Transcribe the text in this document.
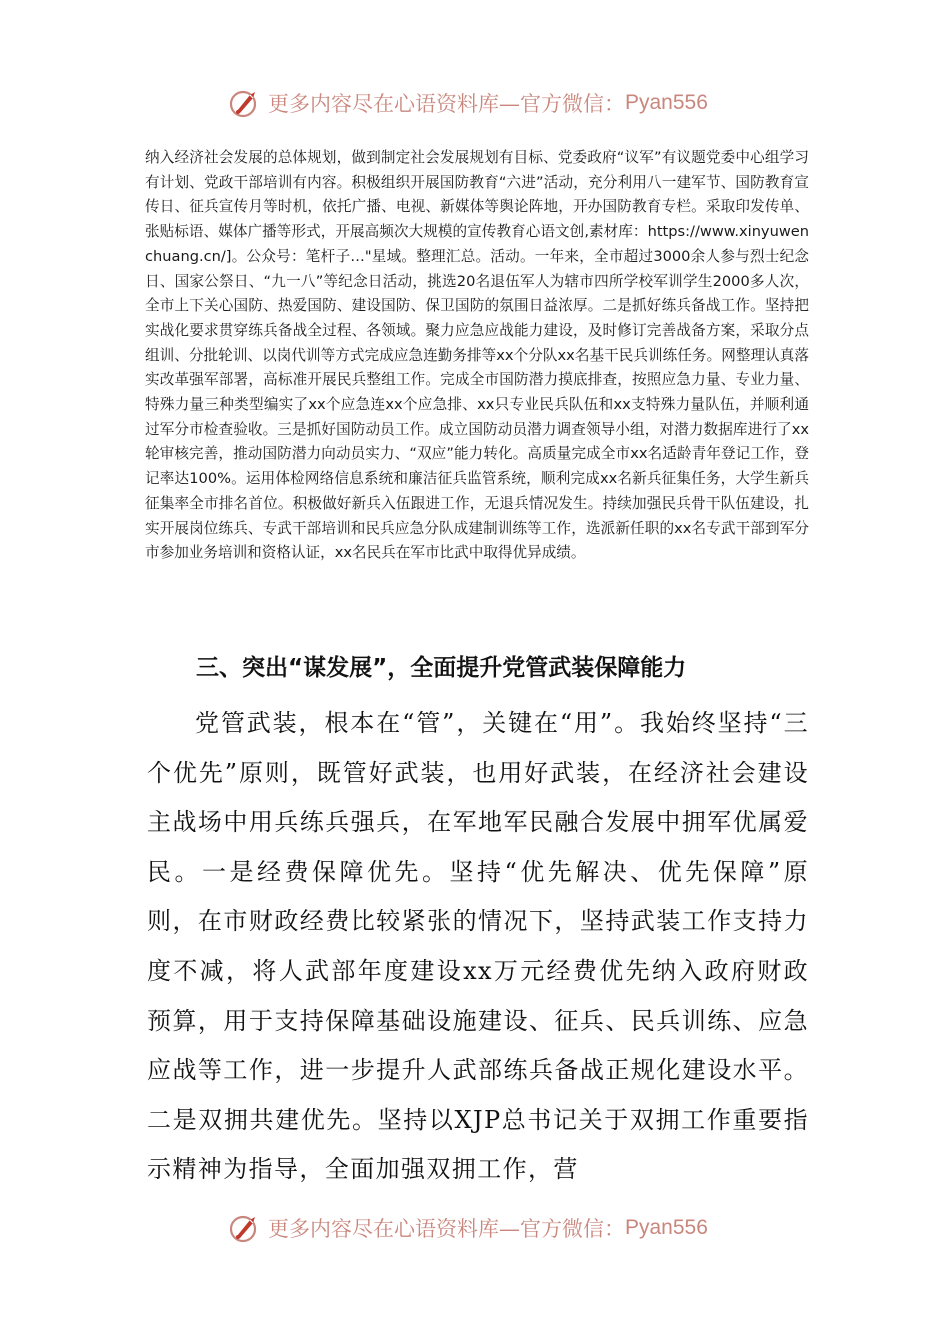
更多内容尽在心语资料库—官方微信： Pyan556

纳入经济社会发展的总体规划，做到制定社会发展规划有目标、党委政府“议军”有议题党委中心组学习有计划、党政干部培训有内容。积极组织开展国防教育“六进”活动，充分利用八一建军节、国防教育宣传日、征兵宣传月等时机，依托广播、电视、新媒体等舆论阵地，开办国防教育专栏。采取印发传单、张贴标语、媒体广播等形式，开展高频次大规模的宣传教育心语文创,素材库：https://www.xinyuwenchuang.cn/]。公众号：笔杆子…"星域。整理汇总。活动。一年来，全市超过3000余人参与烈士纪念日、国家公祭日、“九一八”等纪念日活动，挑选20名退伍军人为辖市四所学校军训学生2000多人次，全市上下关心国防、热爱国防、建设国防、保卫国防的氛围日益浓厚。二是抓好练兵备战工作。坚持把实战化要求贯穿练兵备战全过程、各领域。聚力应急应战能力建设，及时修订完善战备方案，采取分点组训、分批轮训、以岗代训等方式完成应急连勤务排等xx个分队xx名基干民兵训练任务。网整理认真落实改革强军部署，高标准开展民兵整组工作。完成全市国防潜力摸底排查，按照应急力量、专业力量、特殊力量三种类型编实了xx个应急连xx个应急排、xx只专业民兵队伍和xx支特殊力量队伍，并顺利通过军分市检查验收。三是抓好国防动员工作。成立国防动员潜力调查领导小组，对潜力数据库进行了xx轮审核完善，推动国防潜力向动员实力、“双应”能力转化。高质量完成全市xx名适龄青年登记工作，登记率达100%。运用体检网络信息系统和廉洁征兵监管系统，顺利完成xx名新兵征集任务，大学生新兵征集率全市排名首位。积极做好新兵入伍跟进工作，无退兵情况发生。持续加强民兵骨干队伍建设，扎实开展岗位练兵、专武干部培训和民兵应急分队成建制训练等工作，选派新任职的xx名专武干部到军分市参加业务培训和资格认证，xx名民兵在军市比武中取得优异成绩。

三、突出“谋发展”，全面提升党管武装保障能力

党管武装，根本在“管”，关键在“用”。我始终坚持“三个优先”原则，既管好武装，也用好武装，在经济社会建设主战场中用兵练兵强兵，在军地军民融合发展中拥军优属爱民。一是经费保障优先。坚持“优先解决、优先保障”原则，在市财政经费比较紧张的情况下，坚持武装工作支持力度不减，将人武部年度建设xx万元经费优先纳入政府财政预算，用于支持保障基础设施建设、征兵、民兵训练、应急应战等工作，进一步提升人武部练兵备战正规化建设水平。二是双拥共建优先。坚持以XJP总书记关于双拥工作重要指示精神为指导，全面加强双拥工作，营

更多内容尽在心语资料库—官方微信： Pyan556
